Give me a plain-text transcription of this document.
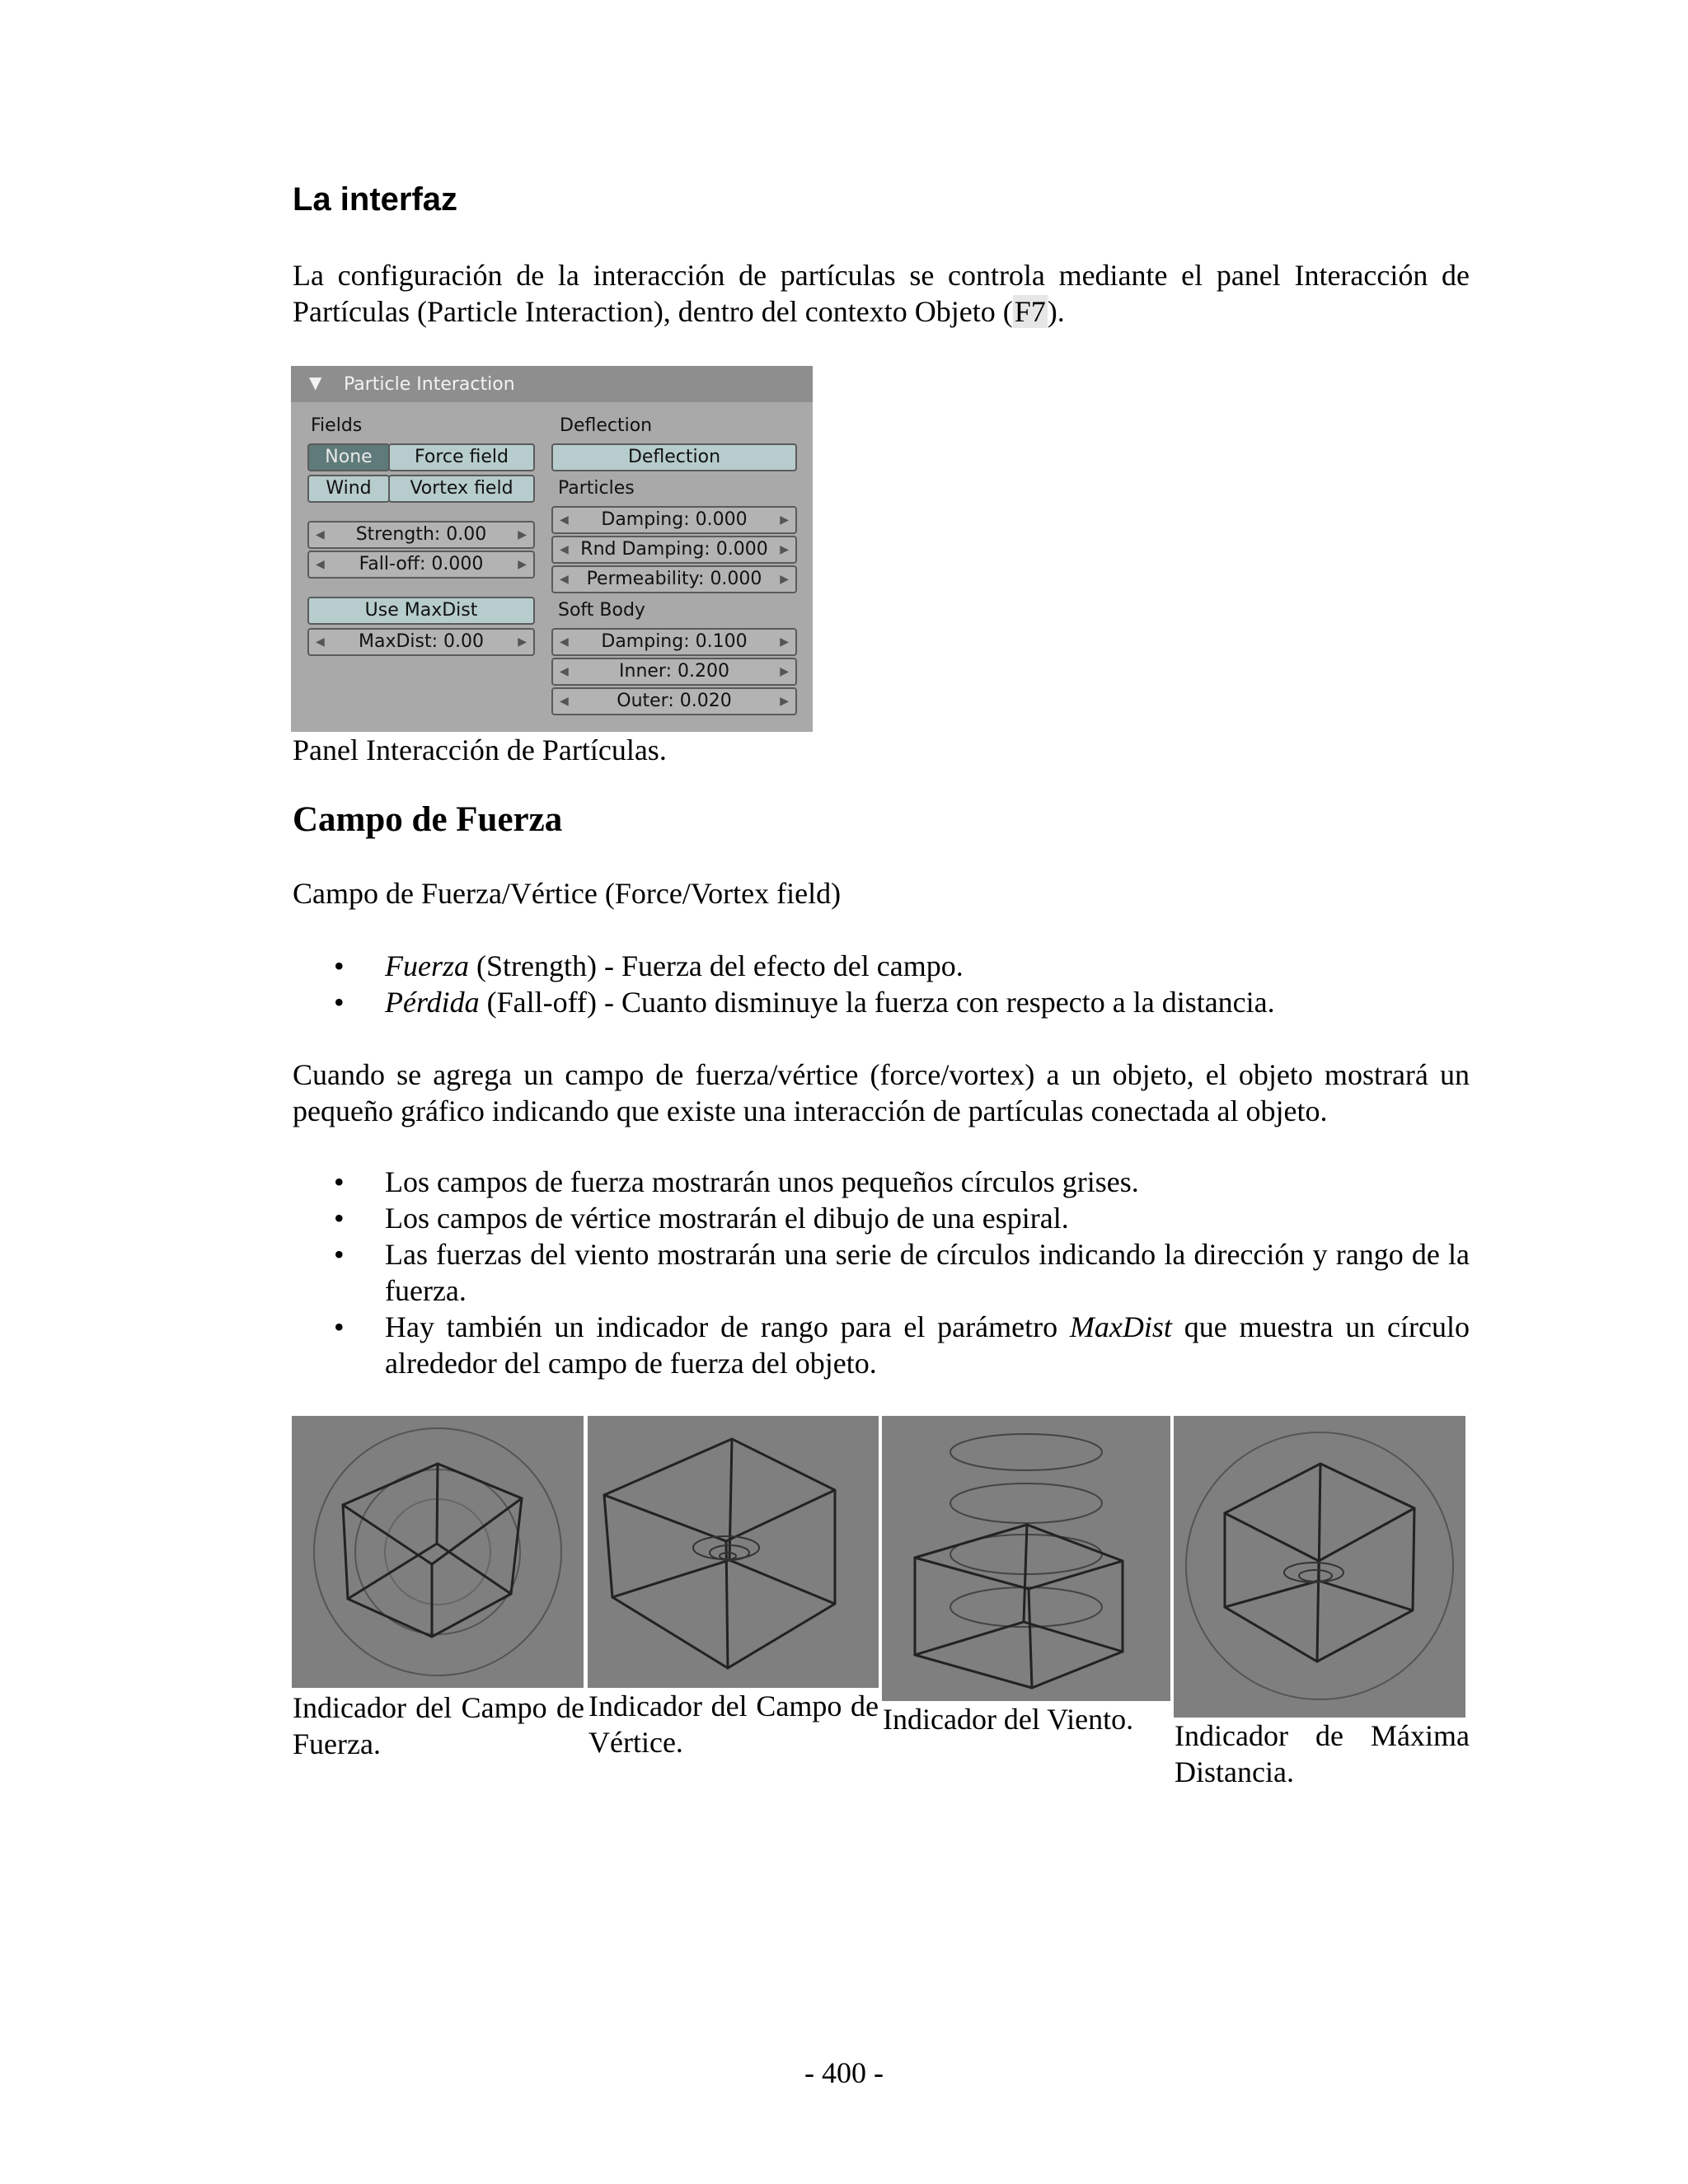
La interfaz
La configuración de la interacción de partículas se controla mediante el panel Interacción de Partículas (Particle Interaction), dentro del contexto Objeto (F7).
▼ Particle Interaction
Fields
None	Force field
Wind	Vortex field
◀ Strength: 0.00	▶
◀ Fall-off: 0.000	▶
Use MaxDist
◀ MaxDist: 0.00	▶
Deflection
Deflection
Particles
◀ Damping: 0.000	▶
◀ Rnd Damping: 0.000 ▶
◀ Permeability: 0.000 ▶
Soft Body
◀ Damping: 0.100	▶
◀	Inner: 0.200	▶
◀	Outer: 0.020	▶
Panel Interacción de Partículas.
Campo de Fuerza
Campo de Fuerza/Vértice (Force/Vortex field)
• Fuerza (Strength) - Fuerza del efecto del campo.
• Pérdida (Fall-off) - Cuanto disminuye la fuerza con respecto a la distancia.
Cuando se agrega un campo de fuerza/vértice (force/vortex) a un objeto, el objeto mostrará un pequeño gráfico indicando que existe una interacción de partículas conectada al objeto.
• Los campos de fuerza mostrarán unos pequeños círculos grises.
• Los campos de vértice mostrarán el dibujo de una espiral.
• Las fuerzas del viento mostrarán una serie de círculos indicando la dirección y rango de la fuerza.
• Hay también un indicador de rango para el parámetro MaxDist que muestra un círculo alrededor del campo de fuerza del objeto.
Indicador del Campo de Fuerza.
Indicador del Campo de Vértice.
Indicador del Viento.	Indicador de Máxima Distancia.
- 400 -
